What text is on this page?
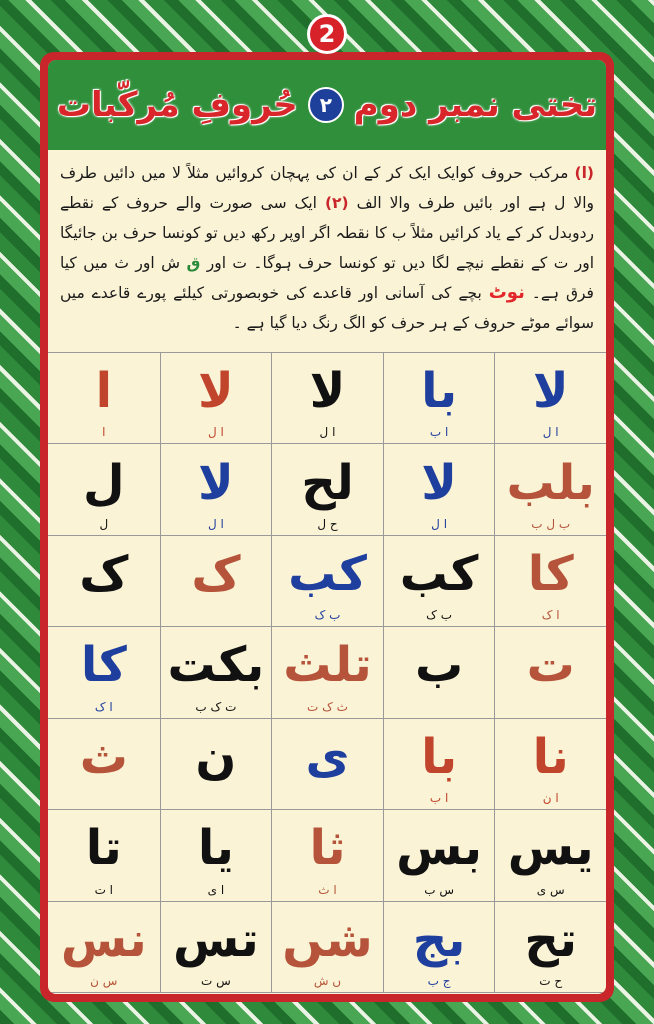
2
تختی نمبر دوم
۲
حُروفِ مُرکّبات
(ا) مرکب حروف کوایک ایک کر کے ان کی پہچان کروائیں مثلاً لا میں دائیں طرف والا ل ہے اور بائیں طرف والا الف (۲) ایک سی صورت والے حروف کے نقطے ردوبدل کر کے یاد کرائیں مثلاً ب کا نقطہ اگر اوپر رکھ دیں تو کونسا حرف بن جائیگا اور ت کے نقطے نیچے لگا دیں تو کونسا حرف ہوگا۔ ت اور ق ش اور ث میں کیا فرق ہے۔ نوٹ بچے کی آسانی اور قاعدے کی خوبصورتی کیلئے پورے قاعدے میں سوائے موٹے حروف کے ہر حرف کو الگ رنگ دیا گیا ہے ۔
ا
ا
لا
ا ل
لا
ا ل
با
ا ب
لا
ا ل
ل
ل
لا
ا ل
لح
ح ل
لا
ا ل
بلب
ب ل ب
ک ک کب
ب ک
کب
ب ک
کا
ا ک
کا
ا ک
بکت
ت ک ب
تلث
ث ک ت
ب ت
ث ن ی با
ا ب
نا
ا ن
تا
ا ت
یا
ا ی
ثا
ا ث
بس
س ب
یس
س ی
نس
س ن
تس
س ت
شں
ں ش
بج
ج ب
تح
ح ت
